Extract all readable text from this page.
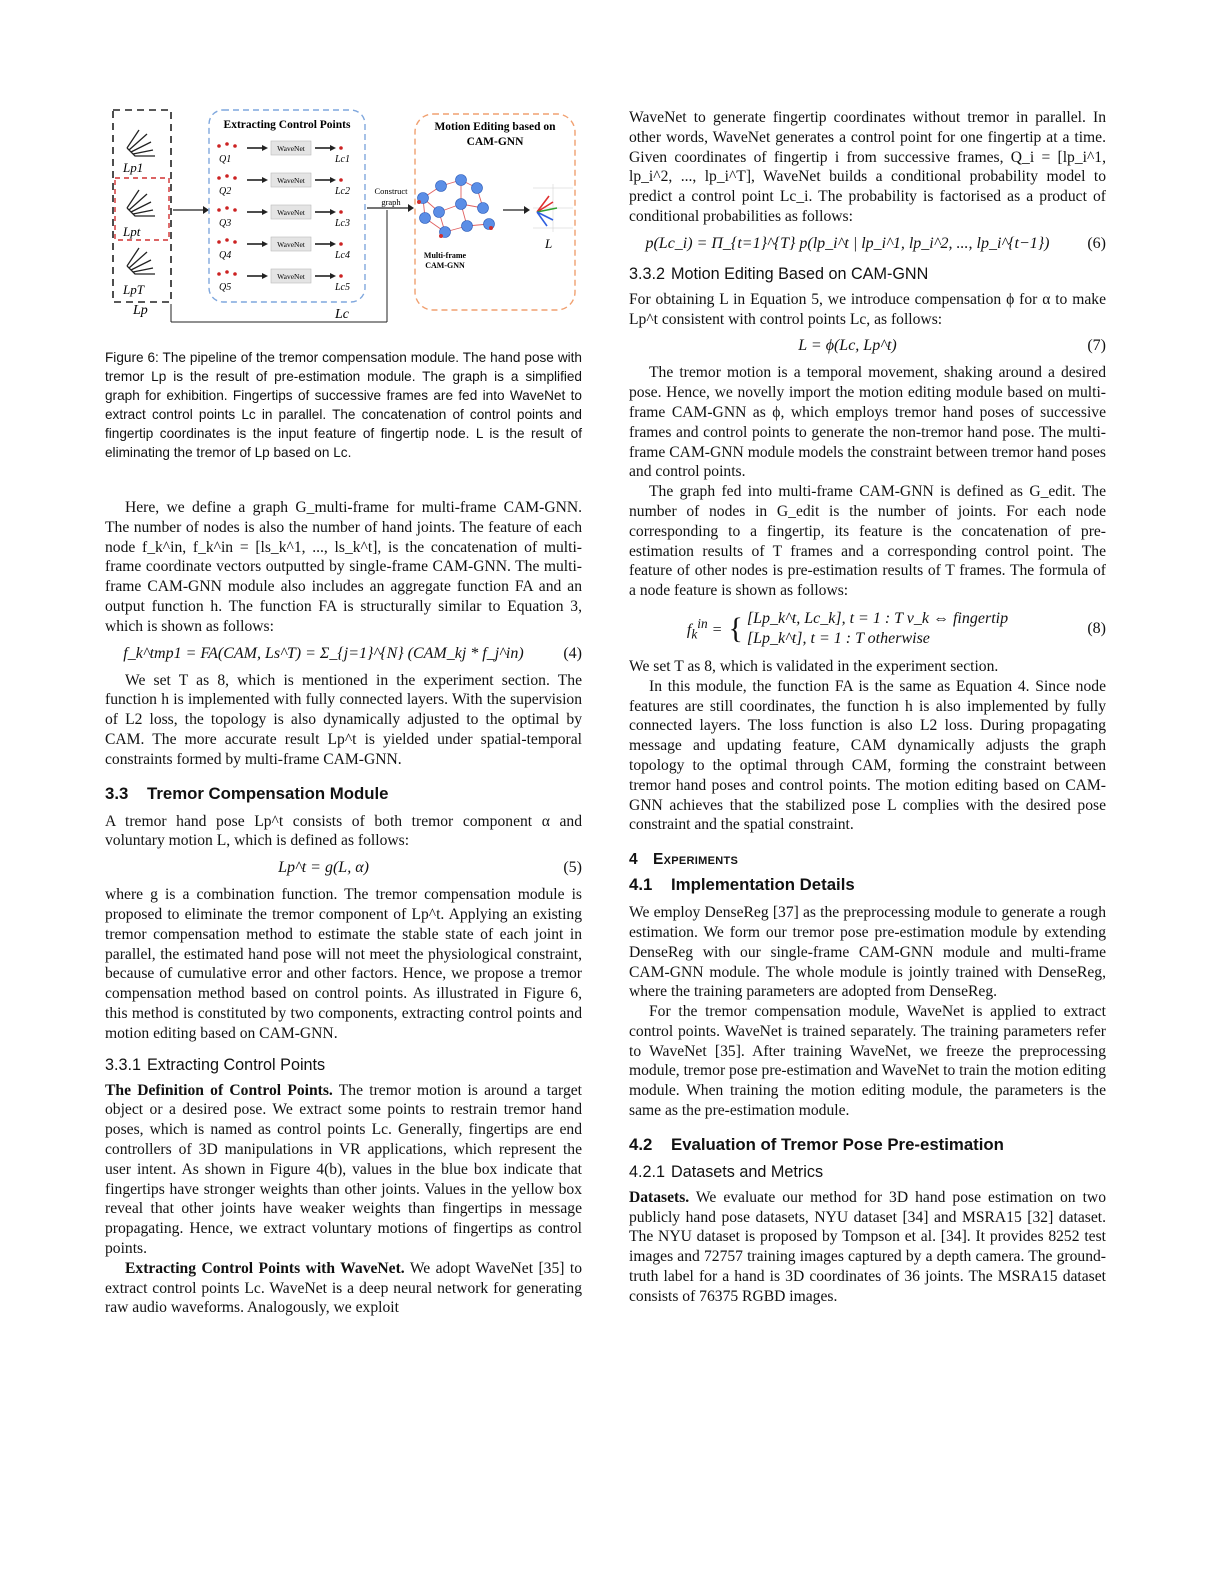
Lp1
Lpt
LpT
Lp
Extracting Control Points
WaveNet
Q1	Lc1
WaveNet
Q2	Lc2
WaveNet
Q3	Lc3
WaveNet
Q4	Lc4
WaveNet
Q5	Lc5
Construct
graph
Motion Editing based on
CAM-GNN
Multi-frame
CAM-GNN
L
Lc

Figure 6: The pipeline of the tremor compensation module. The hand pose with tremor Lp is the result of pre-estimation module. The graph is a simplified graph for exhibition. Fingertips of successive frames are fed into WaveNet to extract control points Lc in parallel. The concatenation of control points and fingertip coordinates is the input feature of fingertip node. L is the result of eliminating the tremor of Lp based on Lc.

Here, we define a graph G_multi-frame for multi-frame CAM-GNN. The number of nodes is also the number of hand joints. The feature of each node f_k^in, f_k^in = [ls_k^1, ..., ls_k^t], is the concatenation of multi-frame coordinate vectors outputted by single-frame CAM-GNN. The multi-frame CAM-GNN module also includes an aggregate function FA and an output function h. The function FA is structurally similar to Equation 3, which is shown as follows:

f_k^tmp1 = FA(CAM, Ls^T) = Σ_{j=1}^{N} (CAM_kj * f_j^in)	(4)

We set T as 8, which is mentioned in the experiment section. The function h is implemented with fully connected layers. With the supervision of L2 loss, the topology is also dynamically adjusted to the optimal by CAM. The more accurate result Lp^t is yielded under spatial-temporal constraints formed by multi-frame CAM-GNN.

3.3 Tremor Compensation Module

A tremor hand pose Lp^t consists of both tremor component α and voluntary motion L, which is defined as follows:

Lp^t = g(L, α)	(5)

where g is a combination function. The tremor compensation module is proposed to eliminate the tremor component of Lp^t. Applying an existing tremor compensation method to estimate the stable state of each joint in parallel, the estimated hand pose will not meet the physiological constraint, because of cumulative error and other factors. Hence, we propose a tremor compensation method based on control points. As illustrated in Figure 6, this method is constituted by two components, extracting control points and motion editing based on CAM-GNN.

3.3.1 Extracting Control Points

The Definition of Control Points. The tremor motion is around a target object or a desired pose. We extract some points to restrain tremor hand poses, which is named as control points Lc. Generally, fingertips are end controllers of 3D manipulations in VR applications, which represent the user intent. As shown in Figure 4(b), values in the blue box indicate that fingertips have stronger weights than other joints. Values in the yellow box reveal that other joints have weaker weights than fingertips in message propagating. Hence, we extract voluntary motions of fingertips as control points.

Extracting Control Points with WaveNet. We adopt WaveNet [35] to extract control points Lc. WaveNet is a deep neural network for generating raw audio waveforms. Analogously, we exploit

WaveNet to generate fingertip coordinates without tremor in parallel. In other words, WaveNet generates a control point for one fingertip at a time. Given coordinates of fingertip i from successive frames, Q_i = [lp_i^1, lp_i^2, ..., lp_i^T], WaveNet builds a conditional probability model to predict a control point Lc_i. The probability is factorised as a product of conditional probabilities as follows:

p(Lc_i) = Π_{t=1}^{T} p(lp_i^t | lp_i^1, lp_i^2, ..., lp_i^{t−1})	(6)
3.3.2 Motion Editing Based on CAM-GNN

For obtaining L in Equation 5, we introduce compensation ϕ for α to make Lp^t consistent with control points Lc, as follows:

L = ϕ(Lc, Lp^t)	(7)

The tremor motion is a temporal movement, shaking around a desired pose. Hence, we novelly import the motion editing module based on multi-frame CAM-GNN as ϕ, which employs tremor hand poses of successive frames and control points to generate the non-tremor hand pose. The multi-frame CAM-GNN module models the constraint between tremor hand poses and control points.

The graph fed into multi-frame CAM-GNN is defined as G_edit. The number of nodes in G_edit is the number of joints. For each node corresponding to a fingertip, its feature is the concatenation of pre-estimation results of T frames and a corresponding control point. The feature of other nodes is pre-estimation results of T frames. The formula of a node feature is shown as follows:

$f_k^{in}$ = { [Lp_k^t, Lc_k], t = 1 : T v_k ⇔ fingertip
[Lp_k^t], t = 1 : T otherwise
(8)

We set T as 8, which is validated in the experiment section.

In this module, the function FA is the same as Equation 4. Since node features are still coordinates, the function h is also implemented by fully connected layers. The loss function is also L2 loss. During propagating message and updating feature, CAM dynamically adjusts the graph topology to the optimal through CAM, forming the constraint between tremor hand poses and control points. The motion editing based on CAM-GNN achieves that the stabilized pose L complies with the desired pose constraint and the spatial constraint.

4 Experiments
4.1 Implementation Details

We employ DenseReg [37] as the preprocessing module to generate a rough estimation. We form our tremor pose pre-estimation module by extending DenseReg with our single-frame CAM-GNN module and multi-frame CAM-GNN module. The whole module is jointly trained with DenseReg, where the training parameters are adopted from DenseReg.

For the tremor compensation module, WaveNet is applied to extract control points. WaveNet is trained separately. The training parameters refer to WaveNet [35]. After training WaveNet, we freeze the preprocessing module, tremor pose pre-estimation and WaveNet to train the motion editing module. When training the motion editing module, the parameters is the same as the pre-estimation module.

4.2 Evaluation of Tremor Pose Pre-estimation
4.2.1 Datasets and Metrics

Datasets. We evaluate our method for 3D hand pose estimation on two publicly hand pose datasets, NYU dataset [34] and MSRA15 [32] dataset. The NYU dataset is proposed by Tompson et al. [34]. It provides 8252 test images and 72757 training images captured by a depth camera. The ground-truth label for a hand is 3D coordinates of 36 joints. The MSRA15 dataset consists of 76375 RGBD images.
